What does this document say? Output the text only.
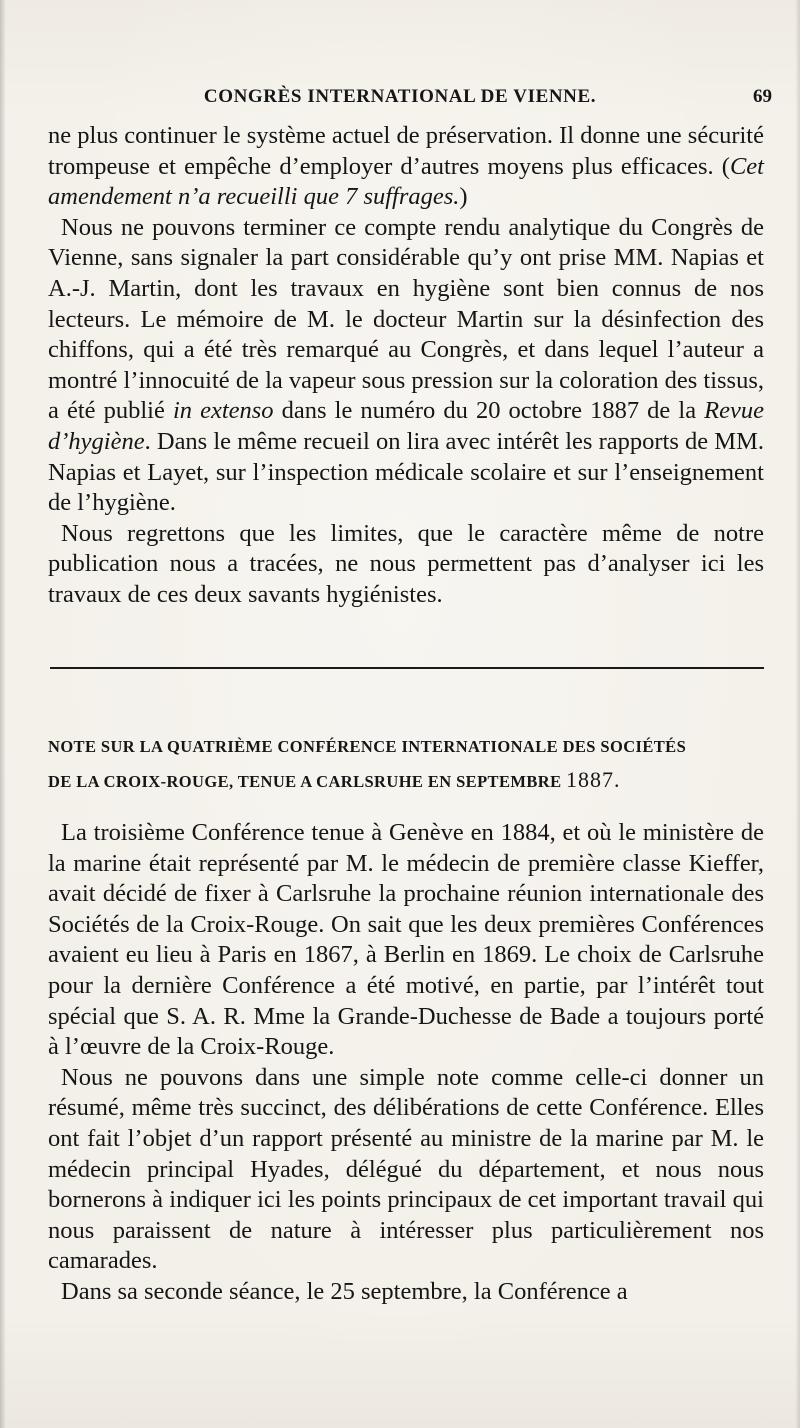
CONGRÈS INTERNATIONAL DE VIENNE.	69

ne plus continuer le système actuel de préservation. Il donne une sécurité trompeuse et empêche d’employer d’autres moyens plus efficaces. (Cet amendement n’a recueilli que 7 suffrages.)

Nous ne pouvons terminer ce compte rendu analytique du Congrès de Vienne, sans signaler la part considérable qu’y ont prise MM. Napias et A.-J. Martin, dont les travaux en hygiène sont bien connus de nos lecteurs. Le mémoire de M. le docteur Martin sur la désinfection des chiffons, qui a été très remarqué au Congrès, et dans lequel l’auteur a montré l’innocuité de la vapeur sous pression sur la coloration des tissus, a été publié in extenso dans le numéro du 20 octobre 1887 de la Revue d’hygiène. Dans le même recueil on lira avec intérêt les rapports de MM. Napias et Layet, sur l’inspection médicale scolaire et sur l’enseignement de l’hygiène.

Nous regrettons que les limites, que le caractère même de notre publication nous a tracées, ne nous permettent pas d’analyser ici les travaux de ces deux savants hygiénistes.

NOTE SUR LA QUATRIÈME CONFÉRENCE INTERNATIONALE DES SOCIÉTÉS
DE LA CROIX-ROUGE, TENUE A CARLSRUHE EN SEPTEMBRE 1887.

La troisième Conférence tenue à Genève en 1884, et où le ministère de la marine était représenté par M. le médecin de première classe Kieffer, avait décidé de fixer à Carlsruhe la prochaine réunion internationale des Sociétés de la Croix-Rouge. On sait que les deux premières Conférences avaient eu lieu à Paris en 1867, à Berlin en 1869. Le choix de Carlsruhe pour la dernière Conférence a été motivé, en partie, par l’intérêt tout spécial que S. A. R. Mme la Grande-Duchesse de Bade a toujours porté à l’œuvre de la Croix-Rouge.

Nous ne pouvons dans une simple note comme celle-ci donner un résumé, même très succinct, des délibérations de cette Conférence. Elles ont fait l’objet d’un rapport présenté au ministre de la marine par M. le médecin principal Hyades, délégué du département, et nous nous bornerons à indiquer ici les points principaux de cet important travail qui nous paraissent de nature à intéresser plus particulièrement nos camarades.

Dans sa seconde séance, le 25 septembre, la Conférence a
